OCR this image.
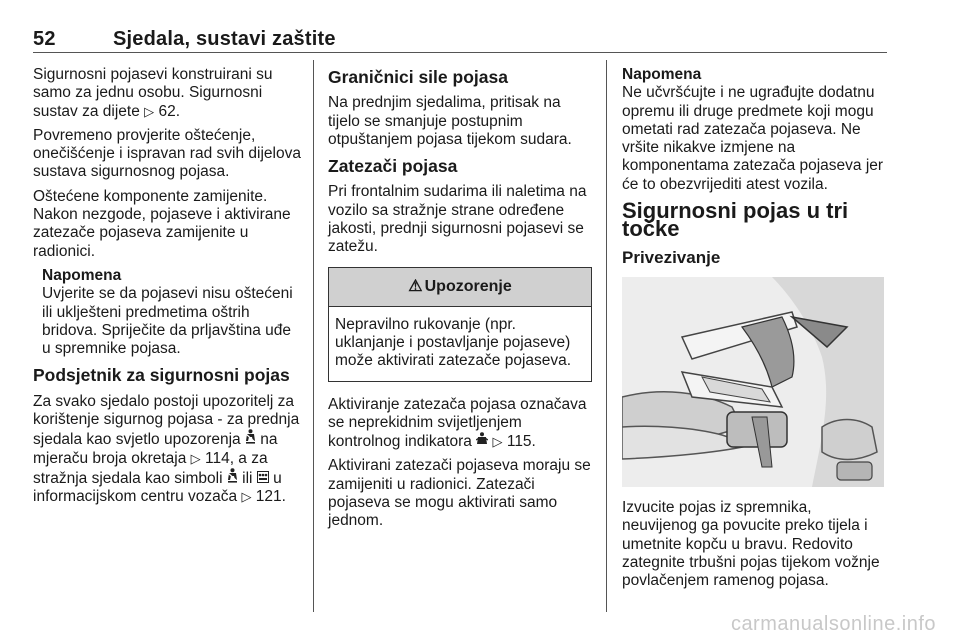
52	Sjedala, sustavi zaštite

Sigurnosni pojasevi konstruirani su samo za jednu osobu. Sigurnosni sustav za dijete ▷ 62.

Povremeno provjerite oštećenje, onečišćenje i ispravan rad svih dijelova sustava sigurnosnog pojasa.

Oštećene komponente zamijenite. Nakon nezgode, pojaseve i aktivirane zatezače pojaseva zamijenite u radionici.

Napomena
Uvjerite se da pojasevi nisu oštećeni ili uklješteni predmetima oštrih bridova. Spriječite da prljavština uđe u spremnike pojasa.
Podsjetnik za sigurnosni pojas

Za svako sjedalo postoji upozoritelj za korištenje sigurnog pojasa - za prednja sjedala kao svjetlo upozorenja na mjeraču broja okretaja ▷ 114, a za stražnja sjedala kao simboli ili u informacijskom centru vozača ▷ 121.

Graničnici sile pojasa

Na prednjim sjedalima, pritisak na tijelo se smanjuje postupnim otpuštanjem pojasa tijekom sudara.

Zatezači pojasa

Pri frontalnim sudarima ili naletima na vozilo sa stražnje strane određene jakosti, prednji sigurnosni pojasevi se zatežu.

⚠ Upozorenje
Nepravilno rukovanje (npr. uklanjanje i postavljanje pojaseve) može aktivirati zatezače pojaseva.

Aktiviranje zatezača pojasa označava se neprekidnim svijetljenjem kontrolnog indikatora ▷ 115.

Aktivirani zatezači pojaseva moraju se zamijeniti u radionici. Zatezači pojaseva se mogu aktivirati samo jednom.

Napomena
Ne učvršćujte i ne ugrađujte dodatnu opremu ili druge predmete koji mogu ometati rad zatezača pojaseva. Ne vršite nikakve izmjene na komponentama zatezača pojaseva jer će to obezvrijediti atest vozila.
Sigurnosni pojas u tri točke
Privezivanje

Izvucite pojas iz spremnika, neuvijenog ga povucite preko tijela i umetnite kopču u bravu. Redovito zategnite trbušni pojas tijekom vožnje povlačenjem ramenog pojasa.

carmanualsonline.info
